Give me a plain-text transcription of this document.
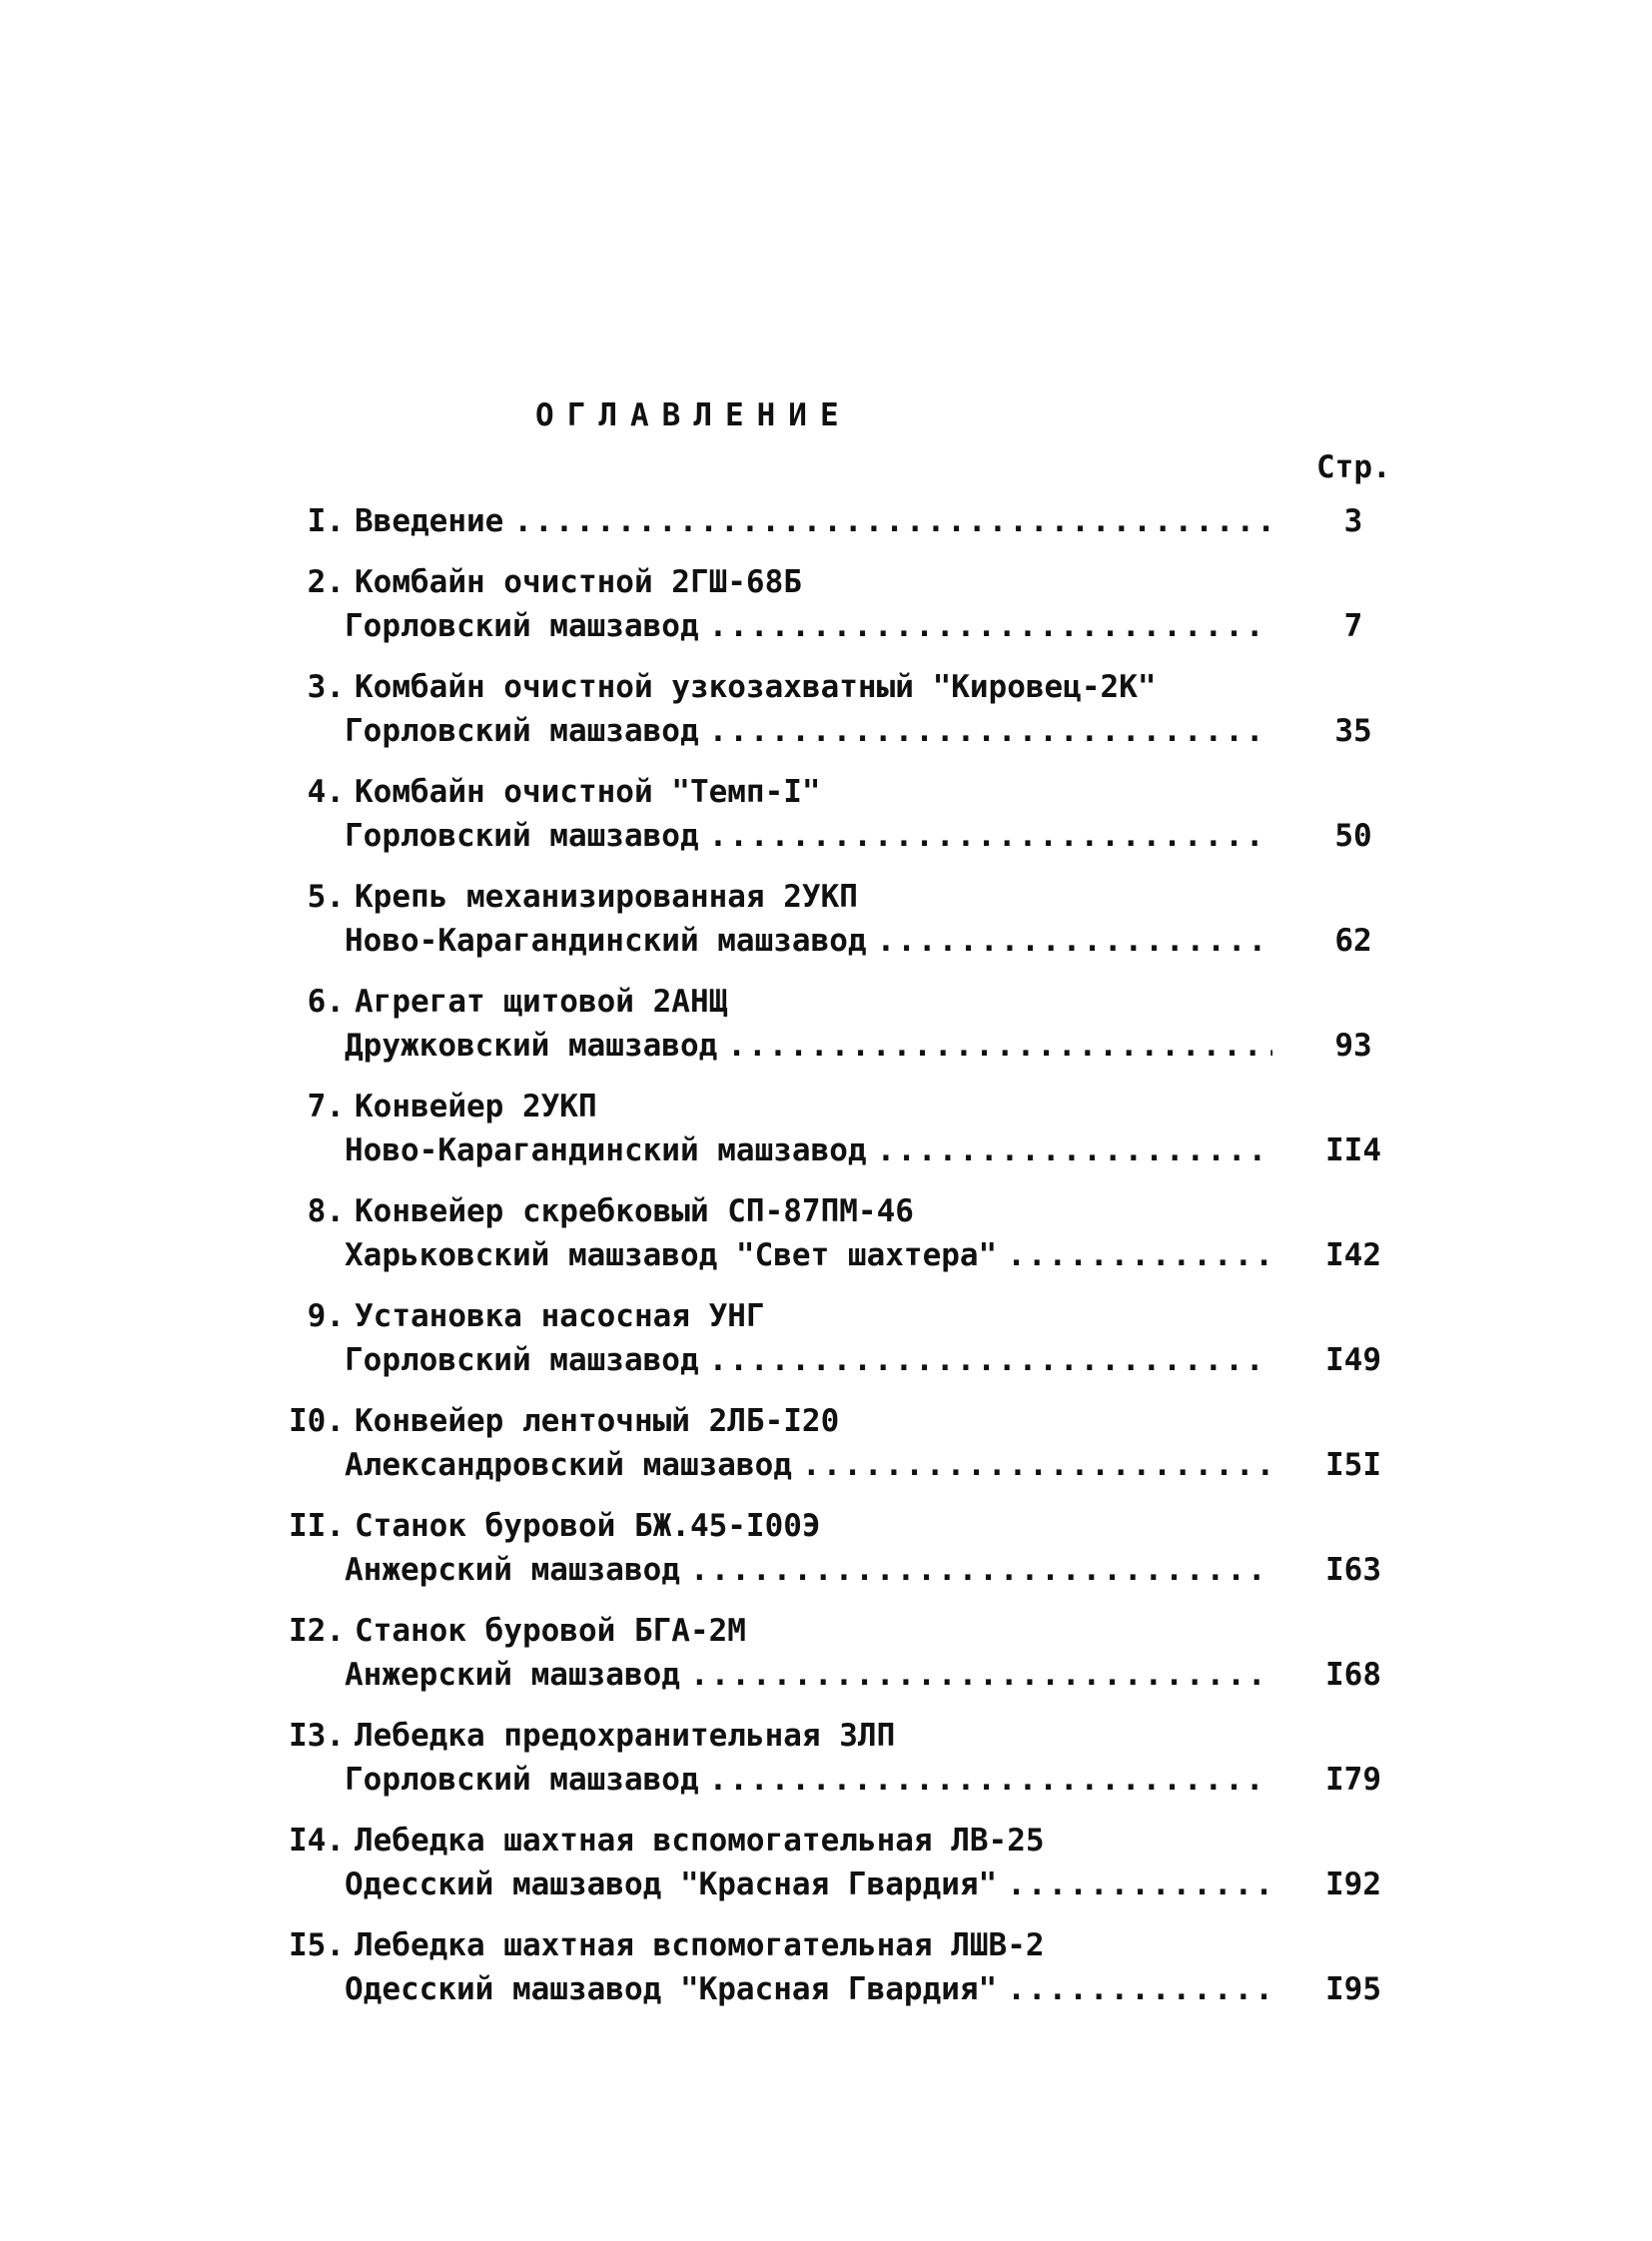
ОГЛАВЛЕНИЕ
Стр.
I. Введение .....	3
2. Комбайн очистной 2ГШ-68Б
Горловский машзавод .....	7
3. Комбайн очистной узкозахватный "Кировец-2К"
Горловский машзавод .....	35
4. Комбайн очистной "Темп-I"
Горловский машзавод .....	50
5. Крепь механизированная 2УКП
Ново-Карагандинский машзавод .....	62
6. Агрегат щитовой 2АНЩ
Дружковский машзавод .....	93
7. Конвейер 2УКП
Ново-Карагандинский машзавод .....	II4
8. Конвейер скребковый СП-87ПМ-46
Харьковский машзавод "Свет шахтера" .....	I42
9. Установка насосная УНГ
Горловский машзавод .....	I49
I0. Конвейер ленточный 2ЛБ-I20
Александровский машзавод .....	I5I
II. Станок буровой БЖ.45-I00Э
Анжерский машзавод .....	I63
I2. Станок буровой БГА-2М
Анжерский машзавод .....	I68
I3. Лебедка предохранительная 3ЛП
Горловский машзавод .....	I79
I4. Лебедка шахтная вспомогательная ЛВ-25
Одесский машзавод "Красная Гвардия" .....	I92
I5. Лебедка шахтная вспомогательная ЛШВ-2
Одесский машзавод "Красная Гвардия" .....	I95
